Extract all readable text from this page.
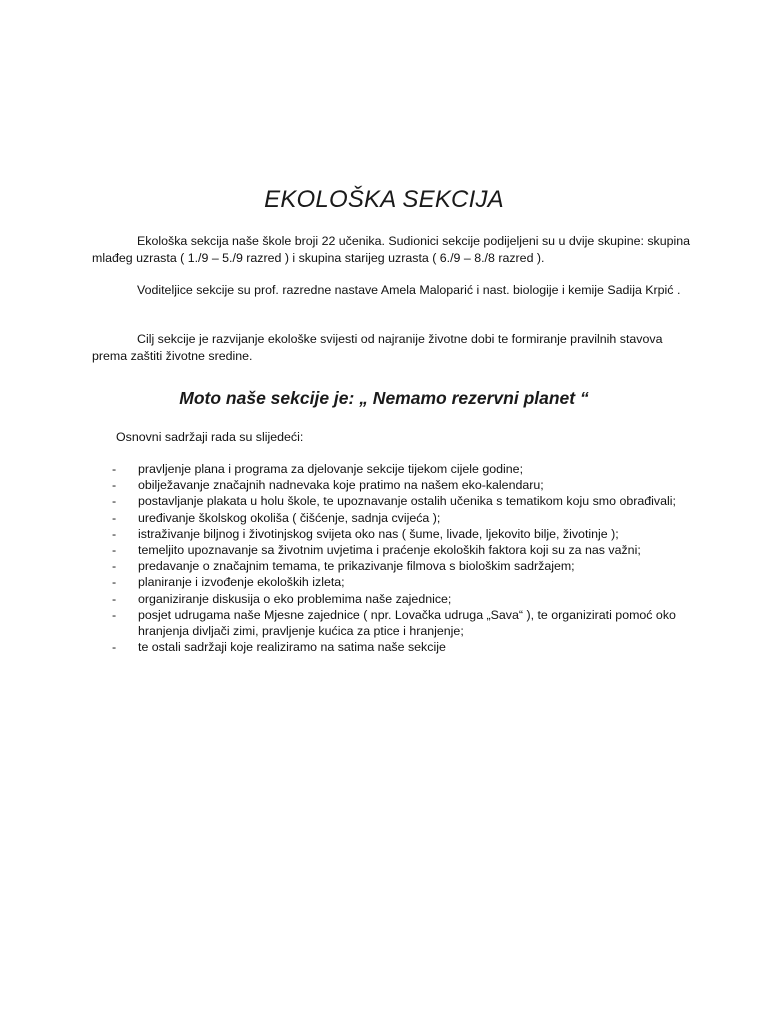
EKOLOŠKA SEKCIJA

Ekološka sekcija naše škole broji 22 učenika. Sudionici sekcije podijeljeni su u dvije skupine: skupina mlađeg uzrasta ( 1./9 – 5./9 razred ) i skupina starijeg uzrasta ( 6./9 – 8./8 razred ).

Voditeljice sekcije su prof. razredne nastave Amela Maloparić i nast. biologije i kemije Sadija Krpić .

Cilj sekcije je razvijanje ekološke svijesti od najranije životne dobi te formiranje pravilnih stavova prema zaštiti životne sredine.

Moto naše sekcije je: „ Nemamo rezervni planet “

Osnovni sadržaji rada su slijedeći:

- pravljenje plana i programa za djelovanje sekcije tijekom cijele godine;
- obilježavanje značajnih nadnevaka koje pratimo na našem eko-kalendaru;
- postavljanje plakata u holu škole, te upoznavanje ostalih učenika s tematikom koju smo obrađivali;
- uređivanje školskog okoliša ( čišćenje, sadnja cvijeća );
- istraživanje biljnog i životinjskog svijeta oko nas ( šume, livade, ljekovito bilje, životinje );
- temeljito upoznavanje sa životnim uvjetima i praćenje ekoloških faktora koji su za nas važni;
- predavanje o značajnim temama, te prikazivanje filmova s biološkim sadržajem;
- planiranje i izvođenje ekoloških izleta;
- organiziranje diskusija o eko problemima naše zajednice;
- posjet udrugama naše Mjesne zajednice ( npr. Lovačka udruga „Sava“ ), te organizirati pomoć oko hranjenja divljači zimi, pravljenje kućica za ptice i hranjenje;
- te ostali sadržaji koje realiziramo na satima naše sekcije
